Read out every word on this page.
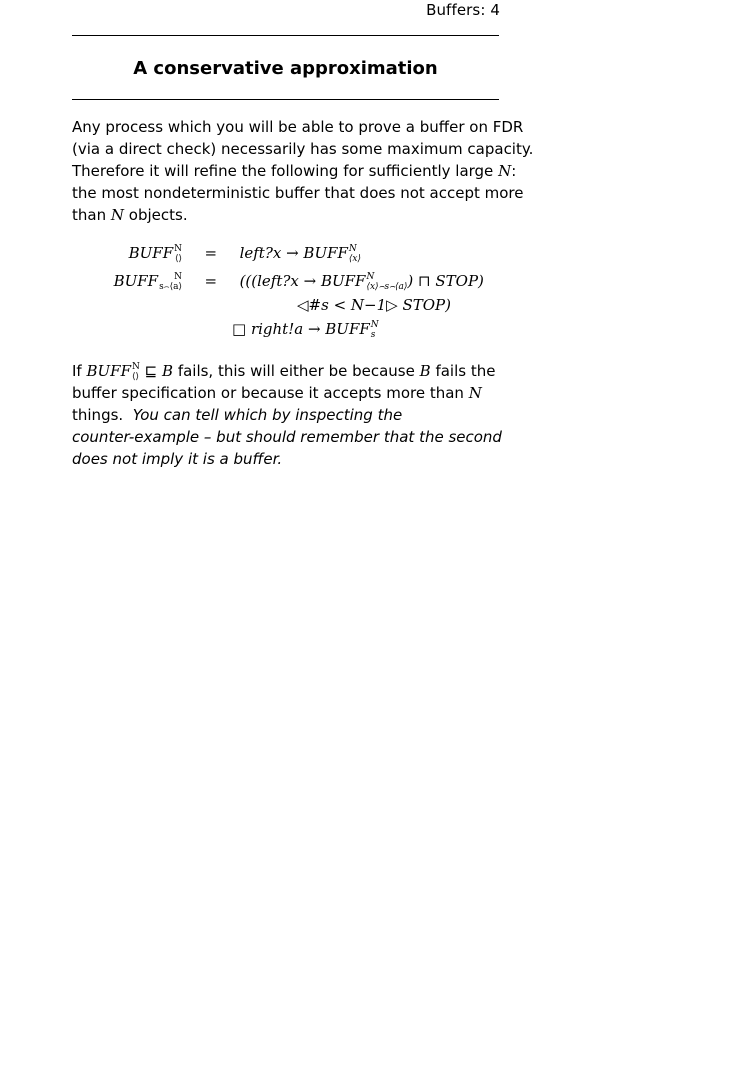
Buffers: 4
A conservative approximation
Any process which you will be able to prove a buffer on FDR
(via a direct check) necessarily has some maximum capacity.
Therefore it will refine the following for sufficiently large N:
the most nondeterministic buffer that does not accept more
than N objects.
BUFF N
⟨⟩ = left?x → BUFF N
⟨x⟩
BUFF	N
s⌢⟨a⟩ = (((left?x → BUFF N
⟨x⟩⌢s⌢⟨a⟩ ) ⊓ STOP)
◁#s < N−1▷ STOP)
□ right!a → BUFF N
s
If BUFF N
⟨⟩ ⊑ B fails, this will either be because B fails the
buffer specification or because it accepts more than N
things. You can tell which by inspecting the
counter-example – but should remember that the second
does not imply it is a buffer.
